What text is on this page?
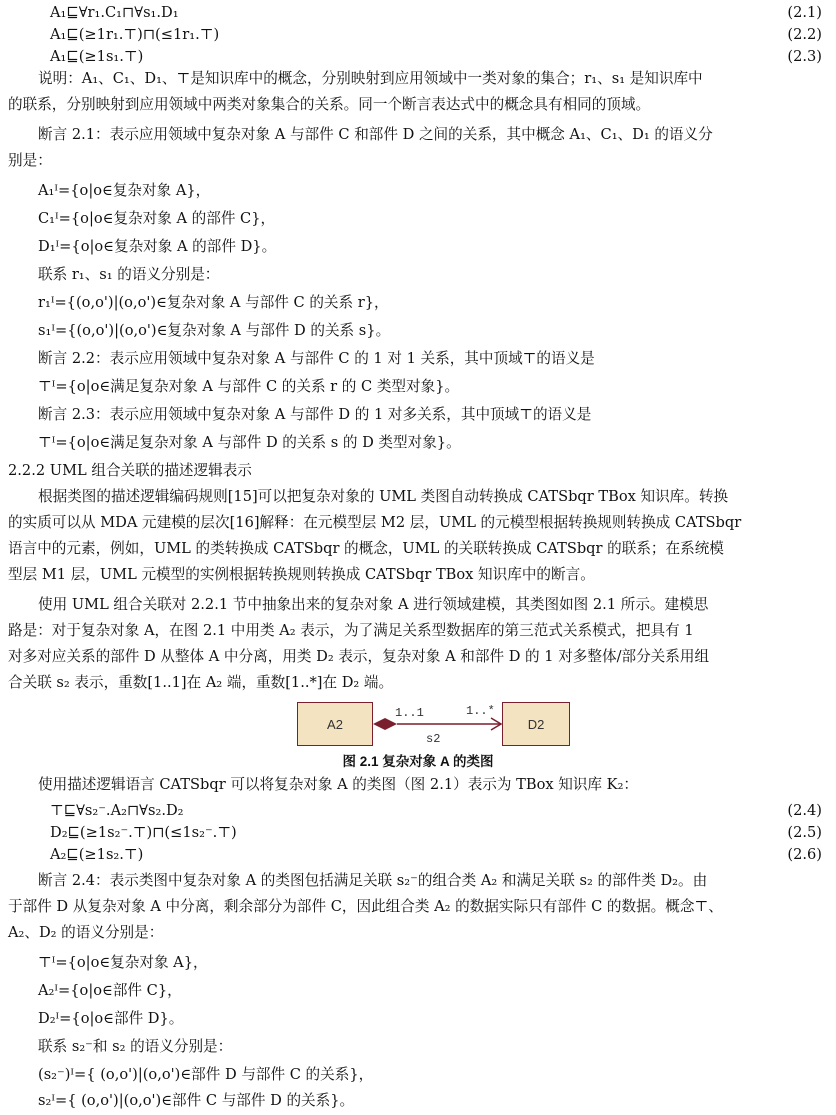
A₁⊑∀r₁.C₁⊓∀s₁.D₁	(2.1)
A₁⊑(≥1r₁.⊤)⊓(≤1r₁.⊤)	(2.2)
A₁⊑(≥1s₁.⊤)	(2.3)
说明：A₁、C₁、D₁、⊤是知识库中的概念，分别映射到应用领域中一类对象的集合；r₁、s₁ 是知识库中
的联系，分别映射到应用领域中两类对象集合的关系。同一个断言表达式中的概念具有相同的顶域。
断言 2.1：表示应用领域中复杂对象 A 与部件 C 和部件 D 之间的关系，其中概念 A₁、C₁、D₁ 的语义分
别是：
A₁ᴵ={o|o∈复杂对象 A}，
C₁ᴵ={o|o∈复杂对象 A 的部件 C}，
D₁ᴵ={o|o∈复杂对象 A 的部件 D}。
联系 r₁、s₁ 的语义分别是：
r₁ᴵ={(o,o')|(o,o')∈复杂对象 A 与部件 C 的关系 r}，
s₁ᴵ={(o,o')|(o,o')∈复杂对象 A 与部件 D 的关系 s}。
断言 2.2：表示应用领域中复杂对象 A 与部件 C 的 1 对 1 关系，其中顶域⊤的语义是
⊤ᴵ={o|o∈满足复杂对象 A 与部件 C 的关系 r 的 C 类型对象}。
断言 2.3：表示应用领域中复杂对象 A 与部件 D 的 1 对多关系，其中顶域⊤的语义是
⊤ᴵ={o|o∈满足复杂对象 A 与部件 D 的关系 s 的 D 类型对象}。
2.2.2 UML 组合关联的描述逻辑表示
根据类图的描述逻辑编码规则[15]可以把复杂对象的 UML 类图自动转换成 CATSbqr TBox 知识库。转换
的实质可以从 MDA 元建模的层次[16]解释：在元模型层 M2 层，UML 的元模型根据转换规则转换成 CATSbqr
语言中的元素，例如，UML 的类转换成 CATSbqr 的概念，UML 的关联转换成 CATSbqr 的联系；在系统模
型层 M1 层，UML 元模型的实例根据转换规则转换成 CATSbqr TBox 知识库中的断言。
使用 UML 组合关联对 2.2.1 节中抽象出来的复杂对象 A 进行领域建模，其类图如图 2.1 所示。建模思
路是：对于复杂对象 A，在图 2.1 中用类 A₂ 表示，为了满足关系型数据库的第三范式关系模式，把具有 1
对多对应关系的部件 D 从整体 A 中分离，用类 D₂ 表示，复杂对象 A 和部件 D 的 1 对多整体/部分关系用组
合关联 s₂ 表示，重数[1..1]在 A₂ 端，重数[1..*]在 D₂ 端。
A2	D2
1..1	1..*
s2
图 2.1 复杂对象 A 的类图
使用描述逻辑语言 CATSbqr 可以将复杂对象 A 的类图（图 2.1）表示为 TBox 知识库 K₂：
⊤⊑∀s₂⁻.A₂⊓∀s₂.D₂	(2.4)
D₂⊑(≥1s₂⁻.⊤)⊓(≤1s₂⁻.⊤)	(2.5)
A₂⊑(≥1s₂.⊤)	(2.6)
断言 2.4：表示类图中复杂对象 A 的类图包括满足关联 s₂⁻的组合类 A₂ 和满足关联 s₂ 的部件类 D₂。由
于部件 D 从复杂对象 A 中分离，剩余部分为部件 C，因此组合类 A₂ 的数据实际只有部件 C 的数据。概念⊤、
A₂、D₂ 的语义分别是：
⊤ᴵ={o|o∈复杂对象 A}，
A₂ᴵ={o|o∈部件 C}，
D₂ᴵ={o|o∈部件 D}。
联系 s₂⁻和 s₂ 的语义分别是：
(s₂⁻)ᴵ={ (o,o')|(o,o')∈部件 D 与部件 C 的关系}，
s₂ᴵ={ (o,o')|(o,o')∈部件 C 与部件 D 的关系}。
